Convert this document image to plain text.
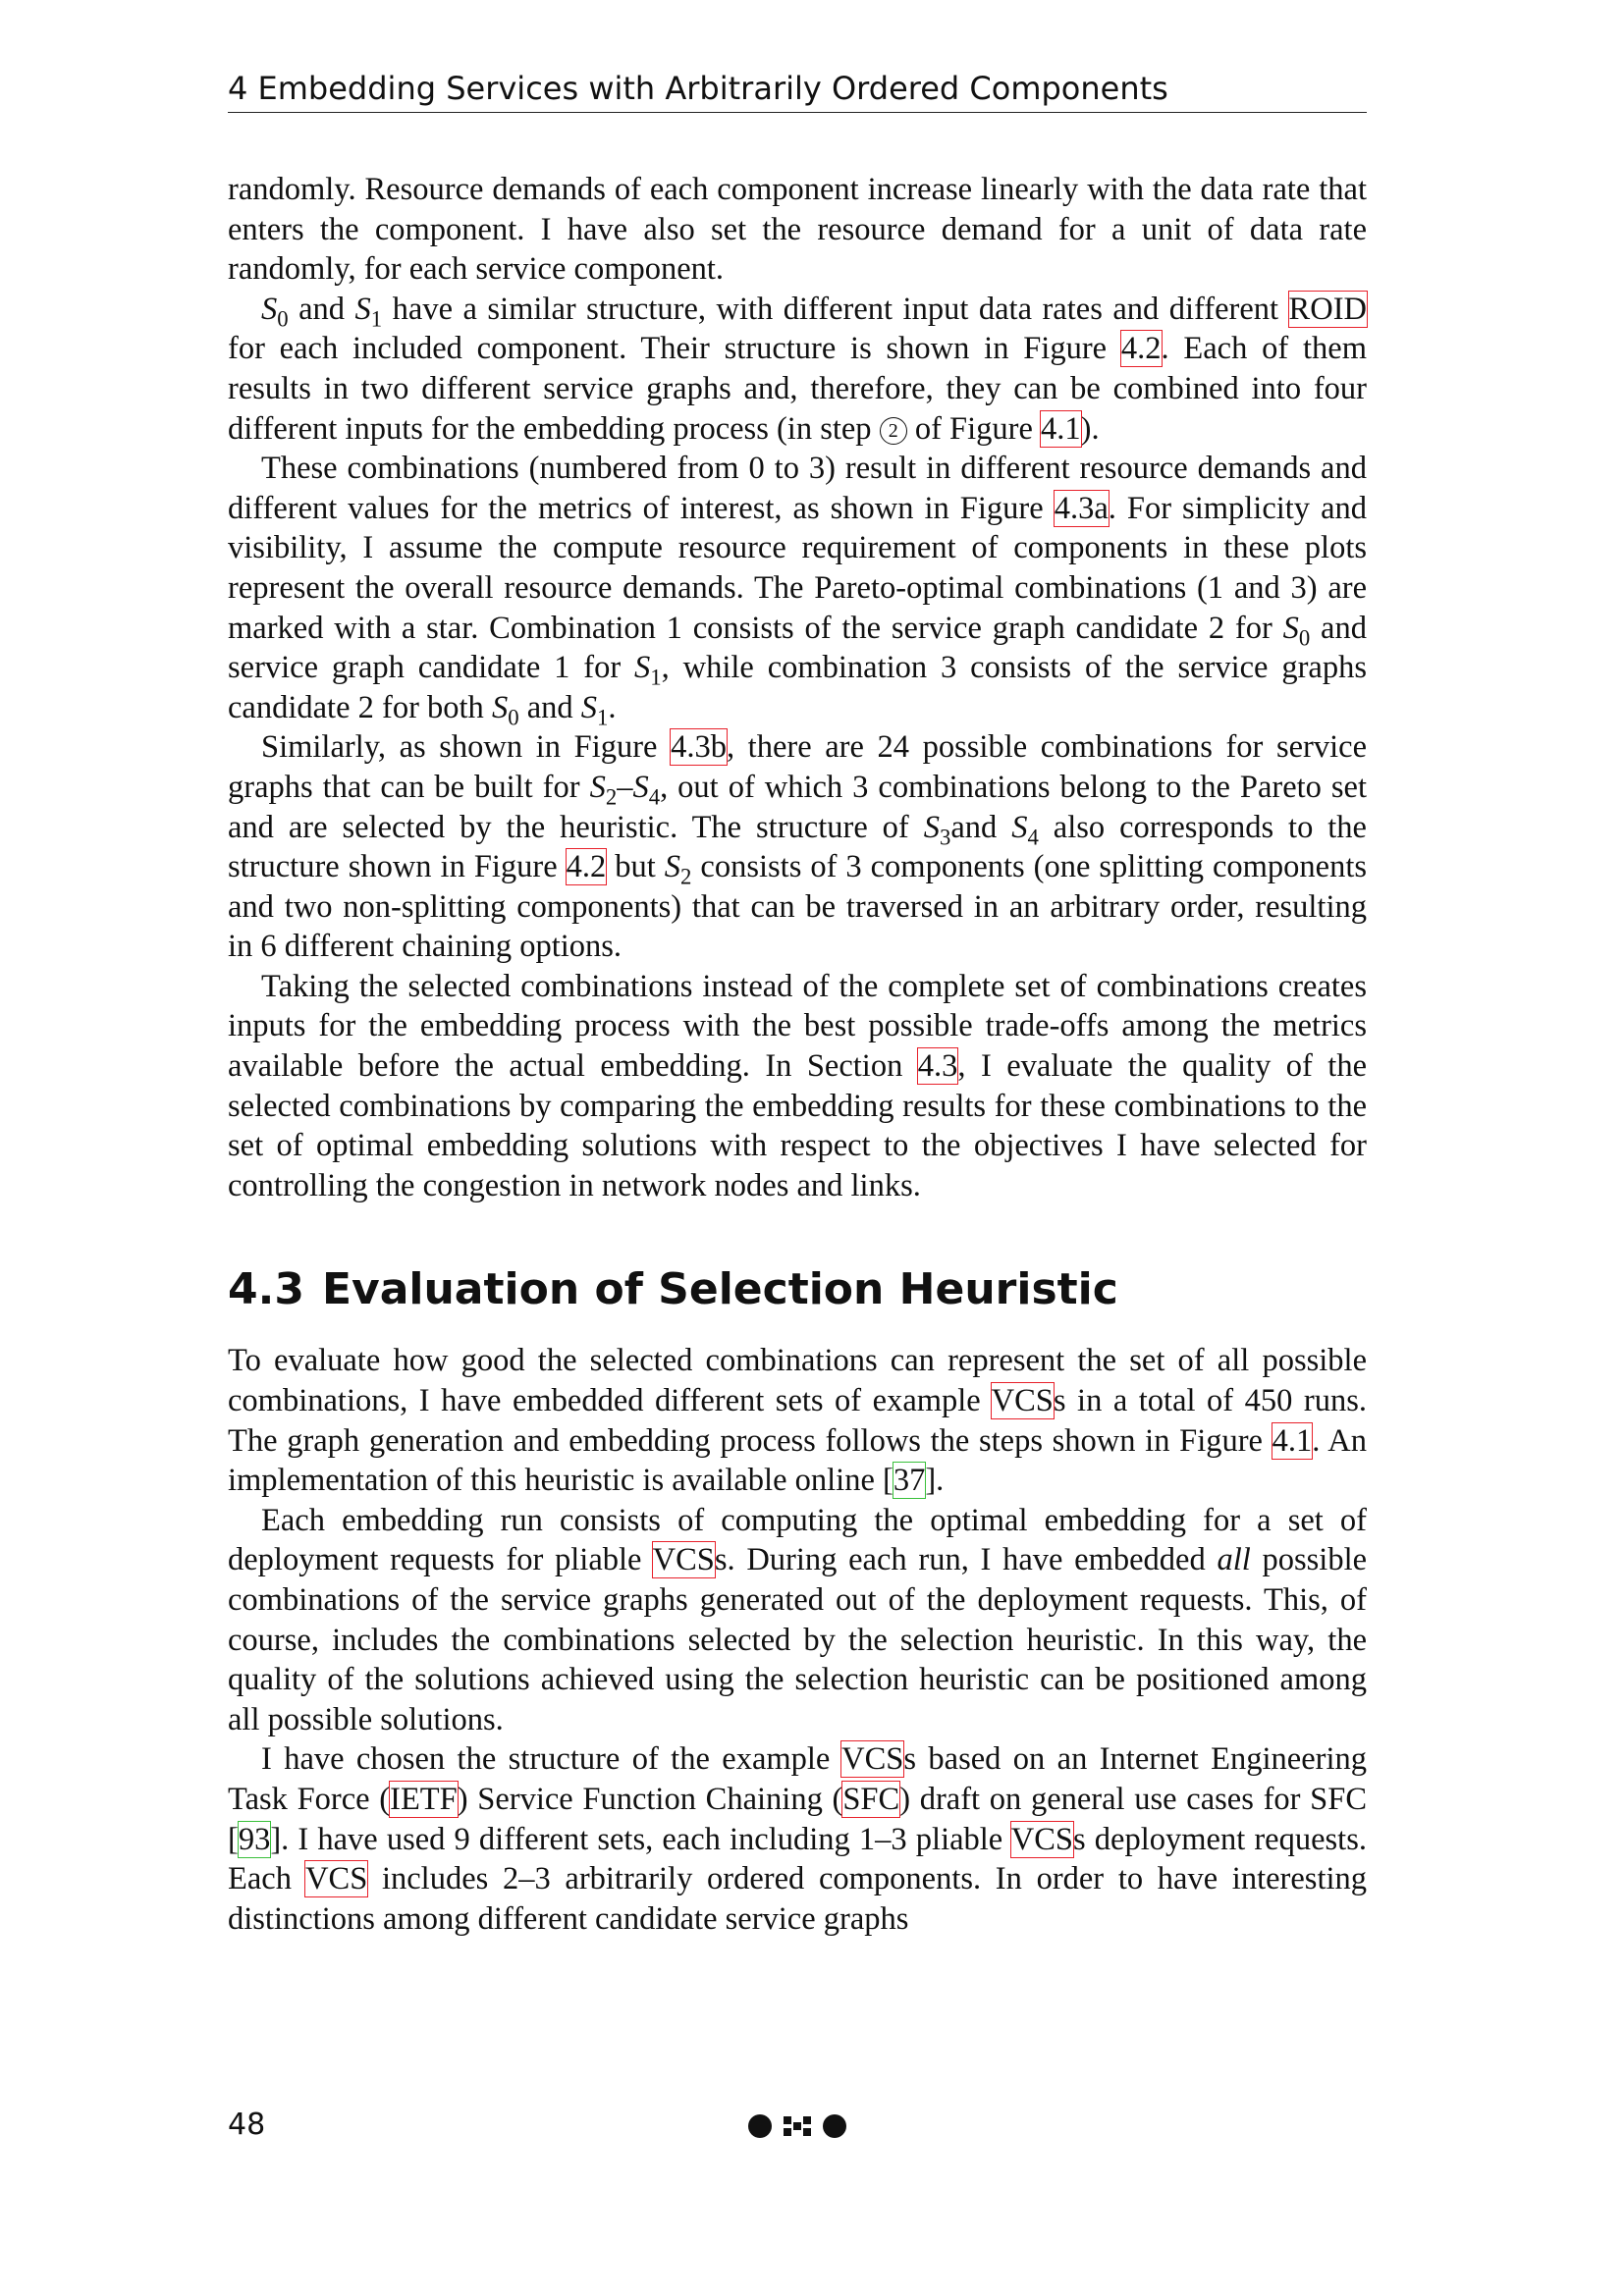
4 Embedding Services with Arbitrarily Ordered Components

randomly. Resource demands of each component increase linearly with the data rate that enters the component. I have also set the resource demand for a unit of data rate randomly, for each service component.

$S_0$ and $S_1$ have a similar structure, with different input data rates and different ROID for each included component. Their structure is shown in Figure 4.2. Each of them results in two different service graphs and, therefore, they can be combined into four different inputs for the embedding process (in step 2 of Figure 4.1).

These combinations (numbered from 0 to 3) result in different resource demands and different values for the metrics of interest, as shown in Figure 4.3a. For simplicity and visibility, I assume the compute resource requirement of components in these plots represent the overall resource demands. The Pareto-optimal combinations (1 and 3) are marked with a star. Combination 1 consists of the service graph candidate 2 for $S_0$ and service graph candidate 1 for $S_1$, while combination 3 consists of the service graphs candidate 2 for both $S_0$ and $S_1$.

Similarly, as shown in Figure 4.3b, there are 24 possible combinations for service graphs that can be built for $S_2-S_4$, out of which 3 combinations belong to the Pareto set and are selected by the heuristic. The structure of $S_3and$ $S_4$ also corresponds to the structure shown in Figure 4.2 but $S_2$ consists of 3 components (one splitting components and two non-splitting components) that can be traversed in an arbitrary order, resulting in 6 different chaining options.

Taking the selected combinations instead of the complete set of combinations creates inputs for the embedding process with the best possible trade-offs among the metrics available before the actual embedding. In Section 4.3, I evaluate the quality of the selected combinations by comparing the embedding results for these combinations to the set of optimal embedding solutions with respect to the objectives I have selected for controlling the congestion in network nodes and links.

4.3 Evaluation of Selection Heuristic

To evaluate how good the selected combinations can represent the set of all possible combinations, I have embedded different sets of example VCSs in a total of 450 runs. The graph generation and embedding process follows the steps shown in Figure 4.1. An implementation of this heuristic is available online [37].

Each embedding run consists of computing the optimal embedding for a set of deployment requests for pliable VCSs. During each run, I have embedded all possible combinations of the service graphs generated out of the deployment requests. This, of course, includes the combinations selected by the selection heuristic. In this way, the quality of the solutions achieved using the selection heuristic can be positioned among all possible solutions.

I have chosen the structure of the example VCSs based on an Internet Engineering Task Force (IETF) Service Function Chaining (SFC) draft on general use cases for SFC [93]. I have used 9 different sets, each including 1–3 pliable VCSs deployment requests. Each VCS includes 2–3 arbitrarily ordered components. In order to have interesting distinctions among different candidate service graphs

48
